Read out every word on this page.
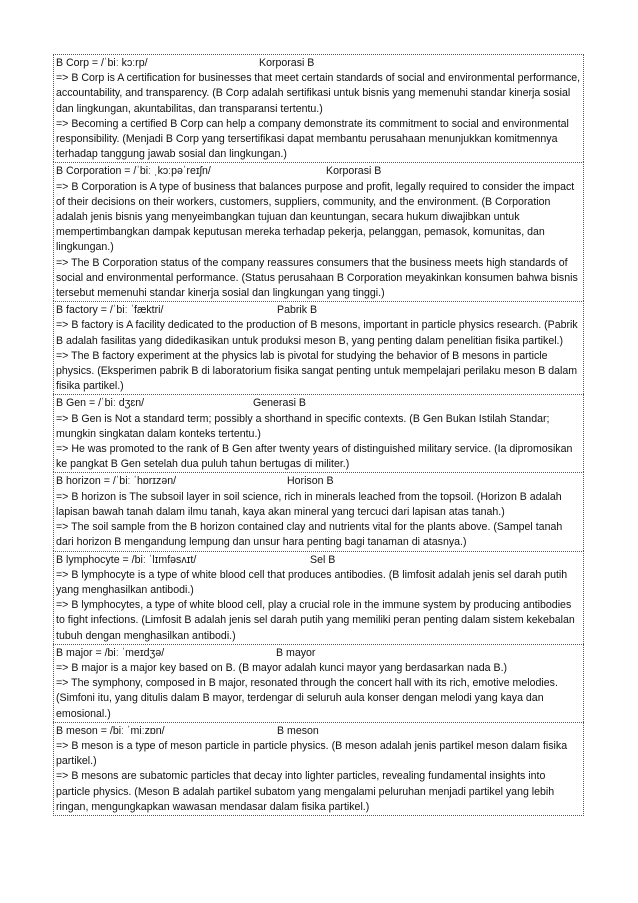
B Corp = /ˈbiː kɔːrp/	Korporasi B
=> B Corp is A certification for businesses that meet certain standards of social and environmental performance, accountability, and transparency. (B Corp adalah sertifikasi untuk bisnis yang memenuhi standar kinerja sosial dan lingkungan, akuntabilitas, dan transparansi tertentu.)
=> Becoming a certified B Corp can help a company demonstrate its commitment to social and environmental responsibility. (Menjadi B Corp yang tersertifikasi dapat membantu perusahaan menunjukkan komitmennya terhadap tanggung jawab sosial dan lingkungan.)
B Corporation = /ˈbiː ˌkɔːpəˈreɪʃn/	Korporasi B
=> B Corporation is A type of business that balances purpose and profit, legally required to consider the impact of their decisions on their workers, customers, suppliers, community, and the environment. (B Corporation adalah jenis bisnis yang menyeimbangkan tujuan dan keuntungan, secara hukum diwajibkan untuk mempertimbangkan dampak keputusan mereka terhadap pekerja, pelanggan, pemasok, komunitas, dan lingkungan.)
=> The B Corporation status of the company reassures consumers that the business meets high standards of social and environmental performance. (Status perusahaan B Corporation meyakinkan konsumen bahwa bisnis tersebut memenuhi standar kinerja sosial dan lingkungan yang tinggi.)
B factory = /ˈbiː ˈfæktri/	Pabrik B
=> B factory is A facility dedicated to the production of B mesons, important in particle physics research. (Pabrik B adalah fasilitas yang didedikasikan untuk produksi meson B, yang penting dalam penelitian fisika partikel.)
=> The B factory experiment at the physics lab is pivotal for studying the behavior of B mesons in particle physics. (Eksperimen pabrik B di laboratorium fisika sangat penting untuk mempelajari perilaku meson B dalam fisika partikel.)
B Gen = /ˈbiː dʒɛn/	Generasi B
=> B Gen is Not a standard term; possibly a shorthand in specific contexts. (B Gen Bukan Istilah Standar; mungkin singkatan dalam konteks tertentu.)
=> He was promoted to the rank of B Gen after twenty years of distinguished military service. (Ia dipromosikan ke pangkat B Gen setelah dua puluh tahun bertugas di militer.)
B horizon = /ˈbiː ˈhɒrɪzən/	Horison B
=> B horizon is The subsoil layer in soil science, rich in minerals leached from the topsoil. (Horizon B adalah lapisan bawah tanah dalam ilmu tanah, kaya akan mineral yang tercuci dari lapisan atas tanah.)
=> The soil sample from the B horizon contained clay and nutrients vital for the plants above. (Sampel tanah dari horizon B mengandung lempung dan unsur hara penting bagi tanaman di atasnya.)
B lymphocyte = /biː ˈlɪmfəsʌɪt/	Sel B
=> B lymphocyte is a type of white blood cell that produces antibodies. (B limfosit adalah jenis sel darah putih yang menghasilkan antibodi.)
=> B lymphocytes, a type of white blood cell, play a crucial role in the immune system by producing antibodies to fight infections. (Limfosit B adalah jenis sel darah putih yang memiliki peran penting dalam sistem kekebalan tubuh dengan menghasilkan antibodi.)
B major = /biː ˈmeɪdʒə/	B mayor
=> B major is a major key based on B. (B mayor adalah kunci mayor yang berdasarkan nada B.)
=> The symphony, composed in B major, resonated through the concert hall with its rich, emotive melodies. (Simfoni itu, yang ditulis dalam B mayor, terdengar di seluruh aula konser dengan melodi yang kaya dan emosional.)
B meson = /biː ˈmiːzɒn/	B meson
=> B meson is a type of meson particle in particle physics. (B meson adalah jenis partikel meson dalam fisika partikel.)
=> B mesons are subatomic particles that decay into lighter particles, revealing fundamental insights into particle physics. (Meson B adalah partikel subatom yang mengalami peluruhan menjadi partikel yang lebih ringan, mengungkapkan wawasan mendasar dalam fisika partikel.)
